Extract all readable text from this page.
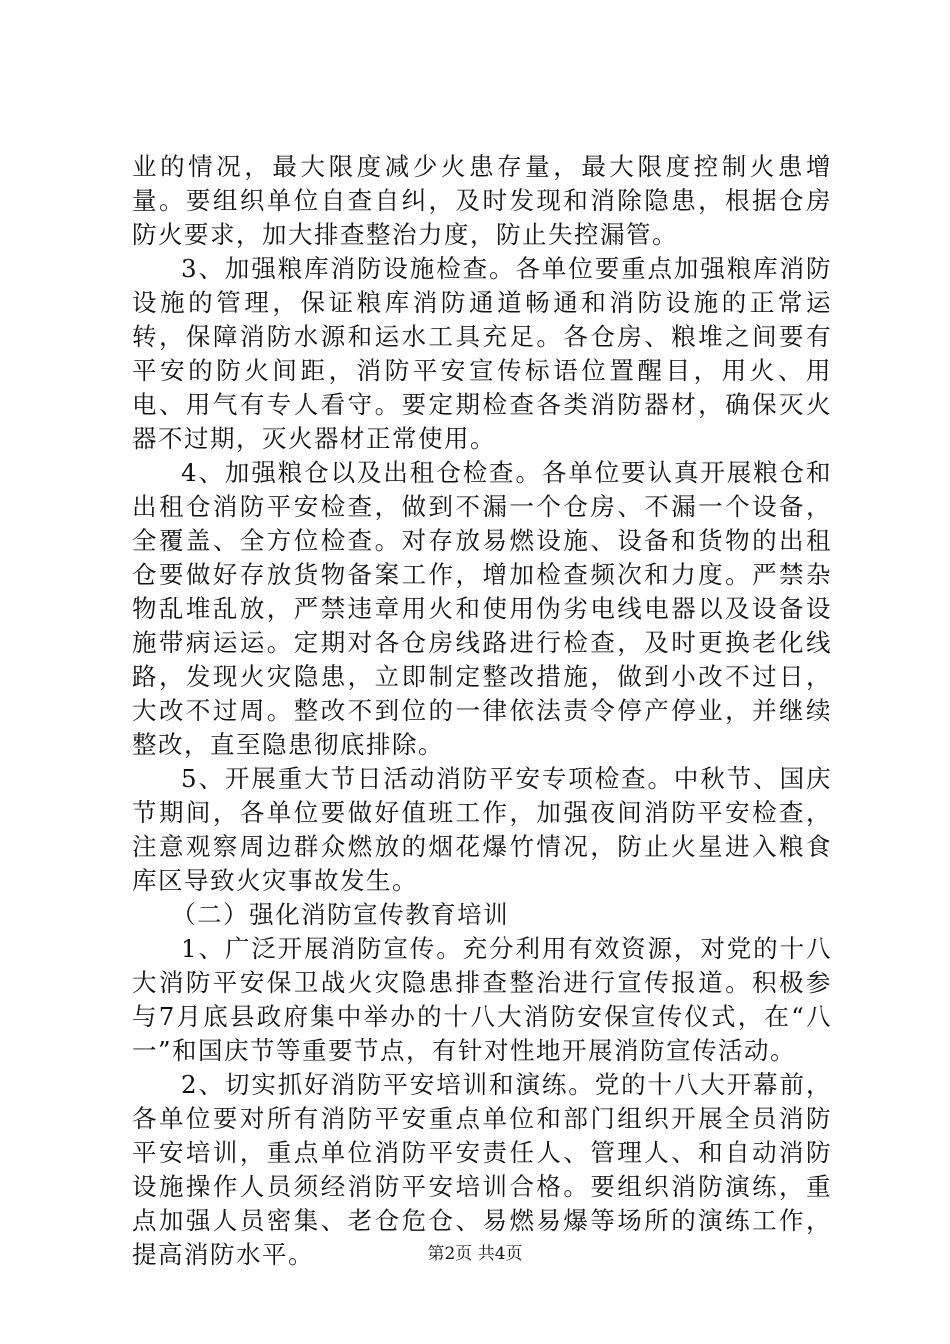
业的情况，最大限度减少火患存量，最大限度控制火患增量。要组织单位自查自纠，及时发现和消除隐患，根据仓房防火要求，加大排查整治力度，防止失控漏管。

3、加强粮库消防设施检查。各单位要重点加强粮库消防设施的管理，保证粮库消防通道畅通和消防设施的正常运转，保障消防水源和运水工具充足。各仓房、粮堆之间要有平安的防火间距，消防平安宣传标语位置醒目，用火、用电、用气有专人看守。要定期检查各类消防器材，确保灭火器不过期，灭火器材正常使用。

4、加强粮仓以及出租仓检查。各单位要认真开展粮仓和出租仓消防平安检查，做到不漏一个仓房、不漏一个设备，全覆盖、全方位检查。对存放易燃设施、设备和货物的出租仓要做好存放货物备案工作，增加检查频次和力度。严禁杂物乱堆乱放，严禁违章用火和使用伪劣电线电器以及设备设施带病运运。定期对各仓房线路进行检查，及时更换老化线路，发现火灾隐患，立即制定整改措施，做到小改不过日，大改不过周。整改不到位的一律依法责令停产停业，并继续整改，直至隐患彻底排除。

5、开展重大节日活动消防平安专项检查。中秋节、国庆节期间，各单位要做好值班工作，加强夜间消防平安检查，注意观察周边群众燃放的烟花爆竹情况，防止火星进入粮食库区导致火灾事故发生。

（二）强化消防宣传教育培训

1、广泛开展消防宣传。充分利用有效资源，对党的十八大消防平安保卫战火灾隐患排查整治进行宣传报道。积极参与7月底县政府集中举办的十八大消防安保宣传仪式，在“八一”和国庆节等重要节点，有针对性地开展消防宣传活动。

2、切实抓好消防平安培训和演练。党的十八大开幕前，各单位要对所有消防平安重点单位和部门组织开展全员消防平安培训，重点单位消防平安责任人、管理人、和自动消防设施操作人员须经消防平安培训合格。要组织消防演练，重点加强人员密集、老仓危仓、易燃易爆等场所的演练工作，提高消防水平。	第2页 共4页
